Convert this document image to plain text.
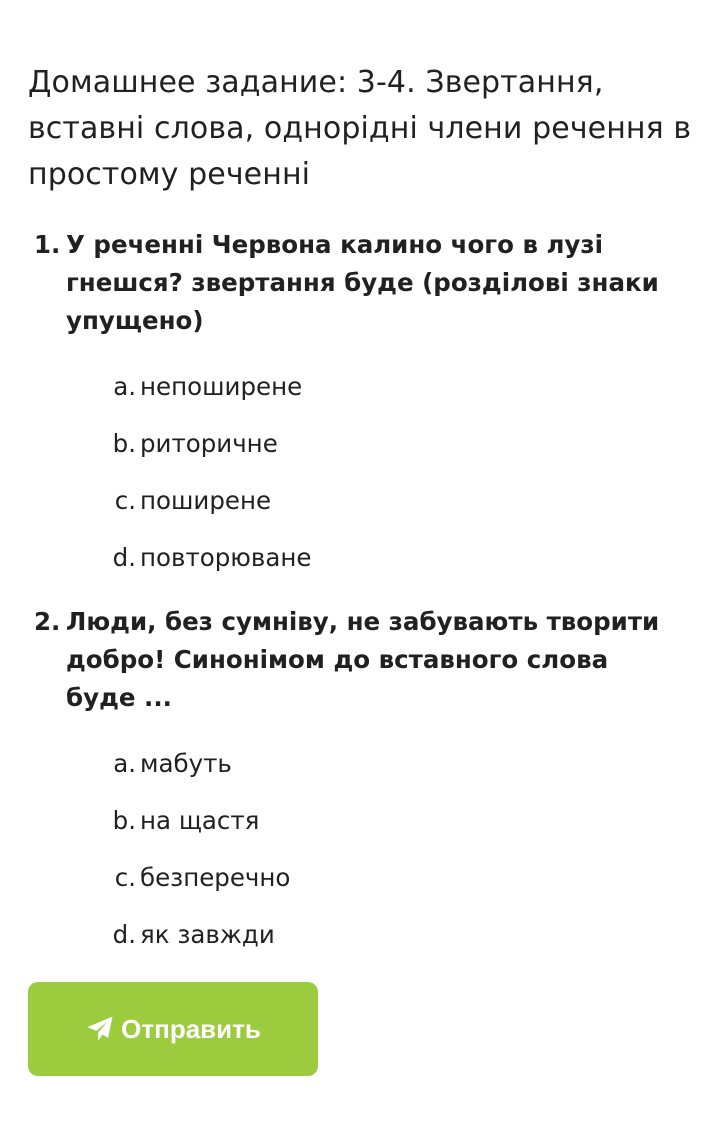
Домашнее задание: 3-4. Звертання, вставні слова, однорідні члени речення в простому реченні
1. У реченні Червона калино чого в лузі гнешся? звертання буде (розділові знаки упущено)
a. непоширене
b. риторичне
c. поширене
d. повторюване
2. Люди, без сумніву, не забувають творити добро! Синонімом до вставного слова буде ...
a. мабуть
b. на щастя
c. безперечно
d. як завжди
Отправить
